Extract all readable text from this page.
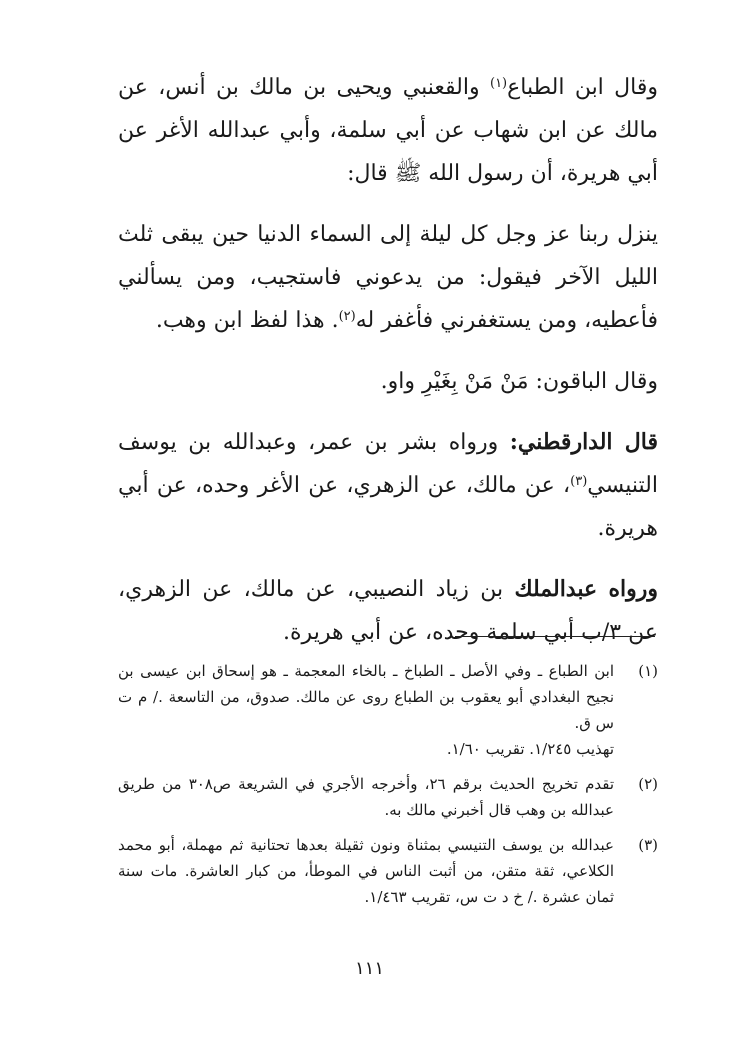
وقال ابن الطباع$^{(١)}$ والقعنبي ويحيى بن مالك بن أنس، عن مالك عن ابن شهاب عن أبي سلمة، وأبي عبدالله الأغر عن أبي هريرة، أن رسول الله ﷺ قال:

ينزل ربنا عز وجل كل ليلة إلى السماء الدنيا حين يبقى ثلث الليل الآخر فيقول: من يدعوني فاستجيب، ومن يسألني فأعطيه، ومن يستغفرني فأغفر له$^{(٢)}$. هذا لفظ ابن وهب.

وقال الباقون: مَنْ مَنْ بِغَيْرِ واو.

قال الدارقطني: ورواه بشر بن عمر، وعبدالله بن يوسف التنيسي$^{(٣)}$، عن مالك، عن الزهري، عن الأغر وحده، عن أبي هريرة.

ورواه عبدالملك بن زياد النصيبي، عن مالك، عن الزهري، عن ٣/ب أبي سلمة وحده، عن أبي هريرة.

(١)
ابن الطباع ـ وفي الأصل ـ الطباخ ـ بالخاء المعجمة ـ هو إسحاق ابن عيسى بن نجيح البغدادي أبو يعقوب بن الطباع روى عن مالك. صدوق، من التاسعة ./ م ت س ق.
تهذيب ١/٢٤٥. تقريب ١/٦٠.
(٢)
تقدم تخريج الحديث برقم ٢٦، وأخرجه الأجري في الشريعة ص٣٠٨ من طريق عبدالله بن وهب قال أخبرني مالك به.
(٣)
عبدالله بن يوسف التنيسي بمثناة ونون ثقيلة بعدها تحتانية ثم مهملة، أبو محمد الكلاعي، ثقة متقن، من أثبت الناس في الموطأ، من كبار العاشرة. مات سنة ثمان عشرة ./ خ د ت س، تقريب ١/٤٦٣.
١١١
